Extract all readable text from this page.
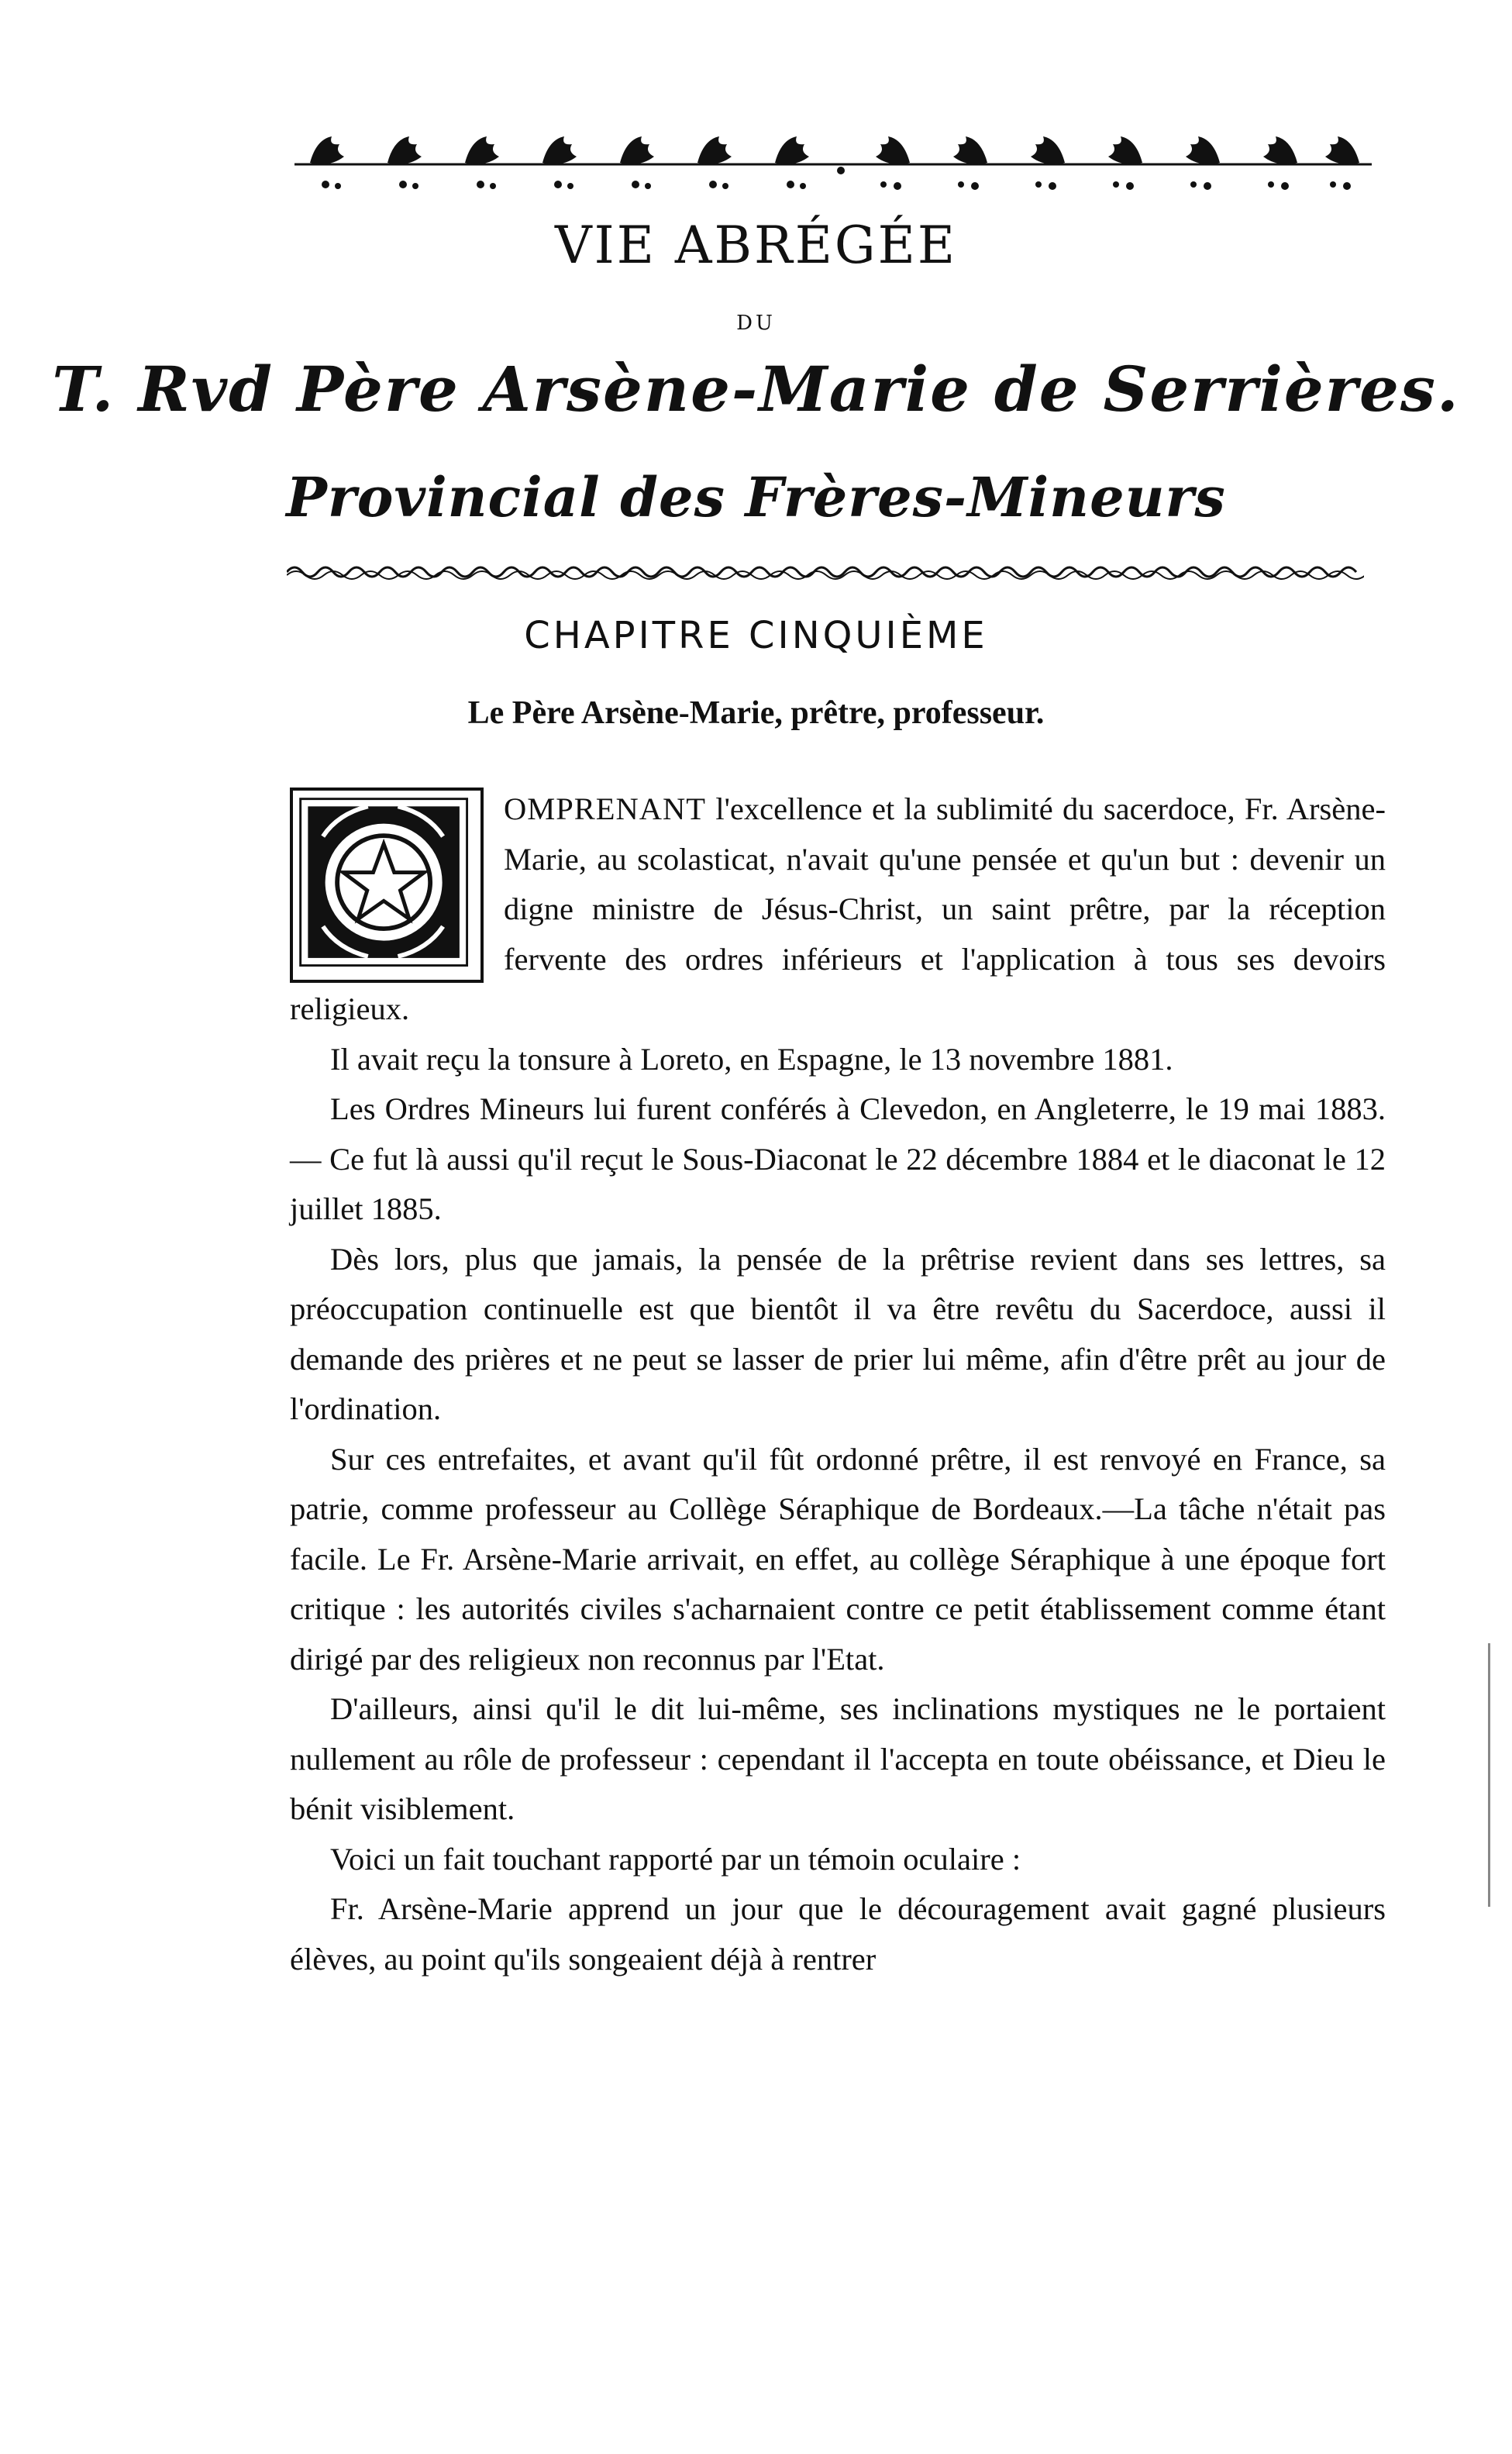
VIE ABRÉGÉE
DU
T. Rvd Père Arsène-Marie de Serrières.
Provincial des Frères-Mineurs
CHAPITRE CINQUIÈME
Le Père Arsène-Marie, prêtre, professeur.

OMPRENANT l'excellence et la sublimité du sacerdoce, Fr. Arsène-Marie, au scolasticat, n'avait qu'une pensée et qu'un but : devenir un digne ministre de Jésus-Christ, un saint prêtre, par la réception fervente des ordres inférieurs et l'application à tous ses devoirs religieux.

Il avait reçu la tonsure à Loreto, en Espagne, le 13 novembre 1881.

Les Ordres Mineurs lui furent conférés à Clevedon, en Angleterre, le 19 mai 1883.— Ce fut là aussi qu'il reçut le Sous-Diaconat le 22 décembre 1884 et le diaconat le 12 juillet 1885.

Dès lors, plus que jamais, la pensée de la prêtrise revient dans ses lettres, sa préoccupation continuelle est que bientôt il va être revêtu du Sacerdoce, aussi il demande des prières et ne peut se lasser de prier lui même, afin d'être prêt au jour de l'ordination.

Sur ces entrefaites, et avant qu'il fût ordonné prêtre, il est renvoyé en France, sa patrie, comme professeur au Collège Séraphique de Bordeaux.—La tâche n'était pas facile. Le Fr. Arsène-Marie arrivait, en effet, au collège Séraphique à une époque fort critique : les autorités civiles s'acharnaient contre ce petit établissement comme étant dirigé par des religieux non reconnus par l'Etat.

D'ailleurs, ainsi qu'il le dit lui-même, ses inclinations mystiques ne le portaient nullement au rôle de professeur : cependant il l'accepta en toute obéissance, et Dieu le bénit visiblement.

Voici un fait touchant rapporté par un témoin oculaire :

Fr. Arsène-Marie apprend un jour que le découragement avait gagné plusieurs élèves, au point qu'ils songeaient déjà à rentrer
